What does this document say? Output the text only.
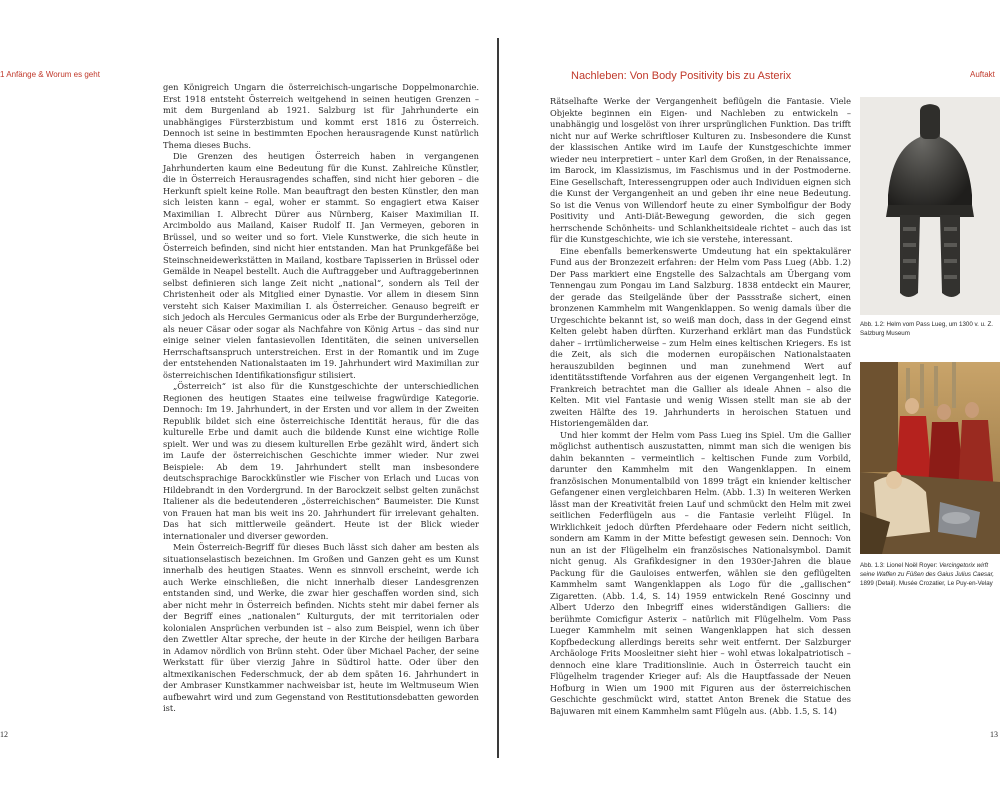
1 Anfänge & Worum es geht

gen Königreich Ungarn die österreichisch-ungarische Doppelmonarchie. Erst 1918 entsteht Österreich weitgehend in seinen heutigen Grenzen – mit dem Burgenland ab 1921. Salzburg ist für Jahrhunderte ein unabhängiges Fürsterzbistum und kommt erst 1816 zu Österreich. Dennoch ist seine in bestimmten Epochen herausragende Kunst natürlich Thema dieses Buchs.

Die Grenzen des heutigen Österreich haben in vergangenen Jahrhunderten kaum eine Bedeutung für die Kunst. Zahlreiche Künstler, die in Österreich Herausragendes schaffen, sind nicht hier geboren – die Herkunft spielt keine Rolle. Man beauftragt den besten Künstler, den man sich leisten kann – egal, woher er stammt. So engagiert etwa Kaiser Maximilian I. Albrecht Dürer aus Nürnberg, Kaiser Maximilian II. Arcimboldo aus Mailand, Kaiser Rudolf II. Jan Vermeyen, geboren in Brüssel, und so weiter und so fort. Viele Kunstwerke, die sich heute in Österreich befinden, sind nicht hier entstanden. Man hat Prunkgefäße bei Steinschneidewerkstätten in Mailand, kostbare Tapisserien in Brüssel oder Gemälde in Neapel bestellt. Auch die Auftraggeber und Auftraggeberinnen selbst definieren sich lange Zeit nicht „national“, sondern als Teil der Christenheit oder als Mitglied einer Dynastie. Vor allem in diesem Sinn versteht sich Kaiser Maximilian I. als Österreicher. Genauso begreift er sich jedoch als Hercules Germanicus oder als Erbe der Burgunderherzöge, als neuer Cäsar oder sogar als Nachfahre von König Artus – das sind nur einige seiner vielen fantasievollen Identitäten, die seinen universellen Herrschaftsanspruch unterstreichen. Erst in der Romantik und im Zuge der entstehenden Nationalstaaten im 19. Jahrhundert wird Maximilian zur österreichischen Identifikationsfigur stilisiert.

„Österreich“ ist also für die Kunstgeschichte der unterschiedlichen Regionen des heutigen Staates eine teilweise fragwürdige Kategorie. Dennoch: Im 19. Jahrhundert, in der Ersten und vor allem in der Zweiten Republik bildet sich eine österreichische Identität heraus, für die das kulturelle Erbe und damit auch die bildende Kunst eine wichtige Rolle spielt. Wer und was zu diesem kulturellen Erbe gezählt wird, ändert sich im Laufe der österreichischen Geschichte immer wieder. Nur zwei Beispiele: Ab dem 19. Jahrhundert stellt man insbesondere deutschsprachige Barockkünstler wie Fischer von Erlach und Lucas von Hildebrandt in den Vordergrund. In der Barockzeit selbst gelten zunächst Italiener als die bedeutenderen „österreichischen“ Baumeister. Die Kunst von Frauen hat man bis weit ins 20. Jahrhundert für irrelevant gehalten. Das hat sich mittlerweile geändert. Heute ist der Blick wieder internationaler und diverser geworden.

Mein Österreich-Begriff für dieses Buch lässt sich daher am besten als situationselastisch bezeichnen. Im Großen und Ganzen geht es um Kunst innerhalb des heutigen Staates. Wenn es sinnvoll erscheint, werde ich auch Werke einschließen, die nicht innerhalb dieser Landesgrenzen entstanden sind, und Werke, die zwar hier geschaffen worden sind, sich aber nicht mehr in Österreich befinden. Nichts steht mir dabei ferner als der Begriff eines „nationalen“ Kulturguts, der mit territorialen oder kolonialen Ansprüchen verbunden ist – also zum Beispiel, wenn ich über den Zwettler Altar spreche, der heute in der Kirche der heiligen Barbara in Adamov nördlich von Brünn steht. Oder über Michael Pacher, der seine Werkstatt für über vierzig Jahre in Südtirol hatte. Oder über den altmexikanischen Federschmuck, der ab dem späten 16. Jahrhundert in der Ambraser Kunstkammer nachweisbar ist, heute im Weltmuseum Wien aufbewahrt wird und zum Gegenstand von Restitutionsdebatten geworden ist.

12
Nachleben: Von Body Positivity bis zu Asterix	Auftakt

Rätselhafte Werke der Vergangenheit beflügeln die Fantasie. Viele Objekte beginnen ein Eigen- und Nachleben zu entwickeln – unabhängig und losgelöst von ihrer ursprünglichen Funktion. Das trifft nicht nur auf Werke schriftloser Kulturen zu. Insbesondere die Kunst der klassischen Antike wird im Laufe der Kunstgeschichte immer wieder neu interpretiert – unter Karl dem Großen, in der Renaissance, im Barock, im Klassizismus, im Faschismus und in der Postmoderne. Eine Gesellschaft, Interessengruppen oder auch Individuen eignen sich die Kunst der Vergangenheit an und geben ihr eine neue Bedeutung. So ist die Venus von Willendorf heute zu einer Symbolfigur der Body Positivity und Anti-Diät-Bewegung geworden, die sich gegen herrschende Schönheits- und Schlankheitsideale richtet – auch das ist für die Kunstgeschichte, wie ich sie verstehe, interessant.

Eine ebenfalls bemerkenswerte Umdeutung hat ein spektakulärer Fund aus der Bronzezeit erfahren: der Helm vom Pass Lueg (Abb. 1.2) Der Pass markiert eine Engstelle des Salzachtals am Übergang vom Tennengau zum Pongau im Land Salzburg. 1838 entdeckt ein Maurer, der gerade das Steilgelände über der Passstraße sichert, einen bronzenen Kammhelm mit Wangenklappen. So wenig damals über die Urgeschichte bekannt ist, so weiß man doch, dass in der Gegend einst Kelten gelebt haben dürften. Kurzerhand erklärt man das Fundstück daher – irrtümlicherweise – zum Helm eines keltischen Kriegers. Es ist die Zeit, als sich die modernen europäischen Nationalstaaten herauszubilden beginnen und man zunehmend Wert auf identitätsstiftende Vorfahren aus der eigenen Vergangenheit legt. In Frankreich betrachtet man die Gallier als ideale Ahnen – also die Kelten. Mit viel Fantasie und wenig Wissen stellt man sie ab der zweiten Hälfte des 19. Jahrhunderts in heroischen Statuen und Historiengemälden dar.

Und hier kommt der Helm vom Pass Lueg ins Spiel. Um die Gallier möglichst authentisch auszustatten, nimmt man sich die wenigen bis dahin bekannten – vermeintlich – keltischen Funde zum Vorbild, darunter den Kammhelm mit den Wangenklappen. In einem französischen Monumentalbild von 1899 trägt ein kniender keltischer Gefangener einen vergleichbaren Helm. (Abb. 1.3) In weiteren Werken lässt man der Kreativität freien Lauf und schmückt den Helm mit zwei seitlichen Federflügeln aus – die Fantasie verleiht Flügel. In Wirklichkeit jedoch dürften Pferdehaare oder Federn nicht seitlich, sondern am Kamm in der Mitte befestigt gewesen sein. Dennoch: Von nun an ist der Flügelhelm ein französisches Nationalsymbol. Damit nicht genug. Als Grafikdesigner in den 1930er-Jahren die blaue Packung für die Gauloises entwerfen, wählen sie den geflügelten Kammhelm samt Wangenklappen als Logo für die „gallischen“ Zigaretten. (Abb. 1.4, S. 14) 1959 entwickeln René Goscinny und Albert Uderzo den Inbegriff eines widerständigen Galliers: die berühmte Comicfigur Asterix – natürlich mit Flügelhelm. Vom Pass Lueger Kammhelm mit seinen Wangenklappen hat sich dessen Kopfbedeckung allerdings bereits sehr weit entfernt. Der Salzburger Archäologe Frits Moosleitner sieht hier – wohl etwas lokalpatriotisch – dennoch eine klare Traditionslinie. Auch in Österreich taucht ein Flügelhelm tragender Krieger auf: Als die Hauptfassade der Neuen Hofburg in Wien um 1900 mit Figuren aus der österreichischen Geschichte geschmückt wird, stattet Anton Brenek die Statue des Bajuwaren mit einem Kammhelm samt Flügeln aus. (Abb. 1.5, S. 14)

Abb. 1.2: Helm vom Pass Lueg, um 1300 v. u. Z. Salzburg Museum
Abb. 1.3: Lionel Noël Royer: Vercingetorix wirft seine Waffen zu Füßen des Gaius Julius Caesar, 1899 (Detail). Musée Crozatier, Le Puy-en-Velay
13
